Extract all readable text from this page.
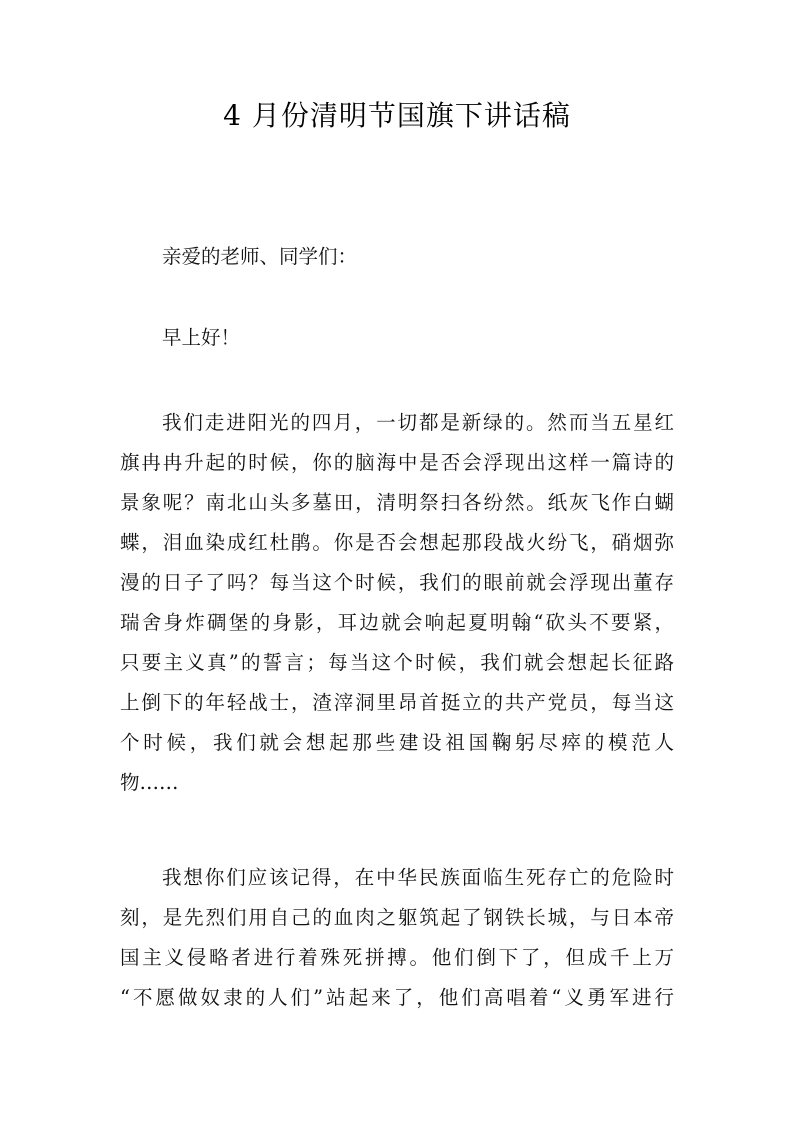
4 月份清明节国旗下讲话稿
亲爱的老师、同学们：
早上好！
我们走进阳光的四月，一切都是新绿的。然而当五星红
旗冉冉升起的时候，你的脑海中是否会浮现出这样一篇诗的
景象呢？南北山头多墓田，清明祭扫各纷然。纸灰飞作白蝴
蝶，泪血染成红杜鹃。你是否会想起那段战火纷飞，硝烟弥
漫的日子了吗？每当这个时候，我们的眼前就会浮现出董存
瑞舍身炸碉堡的身影，耳边就会响起夏明翰“砍头不要紧，
只要主义真”的誓言；每当这个时候，我们就会想起长征路
上倒下的年轻战士，渣滓洞里昂首挺立的共产党员，每当这
个时候，我们就会想起那些建设祖国鞠躬尽瘁的模范人
物……
我想你们应该记得，在中华民族面临生死存亡的危险时
刻，是先烈们用自己的血肉之躯筑起了钢铁长城，与日本帝
国主义侵略者进行着殊死拼搏。他们倒下了，但成千上万
“不愿做奴隶的人们”站起来了，他们高唱着“义勇军进行
